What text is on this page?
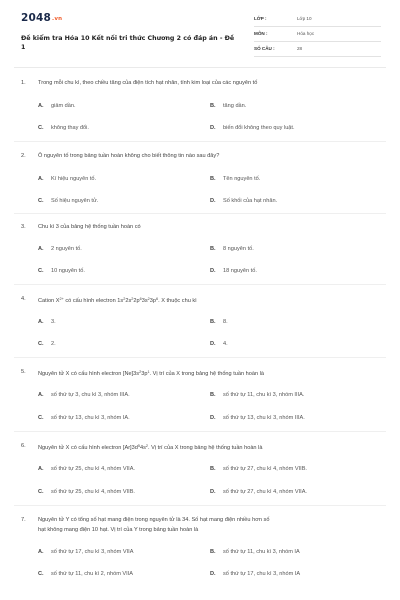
2048.vn
Đề kiểm tra Hóa 10 Kết nối tri thức Chương 2 có đáp án - Đề 1
LỚP :	Lớp 10
MÔN :	Hóa học
SỐ CÂU :	28
1. Trong mỗi chu kì, theo chiều tăng của điện tích hạt nhân, tính kim loại của các nguyên tố
A. giảm dần.	B. tăng dần.
C. không thay đổi.	D. biến đổi không theo quy luật.
2. Ô nguyên tố trong bảng tuần hoàn không cho biết thông tin nào sau đây?
A. Kí hiệu nguyên tố.	B. Tên nguyên tố.
C. Số hiệu nguyên tử.	D. Số khối của hạt nhân.
3. Chu kì 3 của bảng hệ thống tuần hoàn có
A. 2 nguyên tố.	B. 8 nguyên tố.
C. 10 nguyên tố.	D. 18 nguyên tố.
4. Cation $X^{2+}$ có cấu hình electron $1s^22s^22p^63s^23p^6$. X thuộc chu kì
A. 3.	B. 8.
C. 2.	D. 4.
5. Nguyên tử X có cấu hình electron $[Ne]3s^23p^1$. Vị trí của X trong bảng hệ thống tuần hoàn là
A. số thứ tự 3, chu kì 3, nhóm IIIA.	B. số thứ tự 11, chu kì 3, nhóm IIIA.
C. số thứ tự 13, chu kì 3, nhóm IA.	D. số thứ tự 13, chu kì 3, nhóm IIIA.
6. Nguyên tử X có cấu hình electron $[Ar]3d^54s^2$. Vị trí của X trong bảng hệ thống tuần hoàn là
A. số thứ tự 25, chu kì 4, nhóm VIIA.	B. số thứ tự 27, chu kì 4, nhóm VIIB.
C. số thứ tự 25, chu kì 4, nhóm VIIB.	D. số thứ tự 27, chu kì 4, nhóm VIIA.
7. Nguyên tử Y có tổng số hạt mang điện trong nguyên tử là 34. Số hạt mang điện nhiều hơn số
hạt không mang điện 10 hạt. Vị trí của Y trong bảng tuần hoàn là
A. số thứ tự 17, chu kì 3, nhóm VIIA	B. số thứ tự 11, chu kì 3, nhóm IA
C. số thứ tự 11, chu kì 2, nhóm VIIA	D. số thứ tự 17, chu kì 3, nhóm IA
